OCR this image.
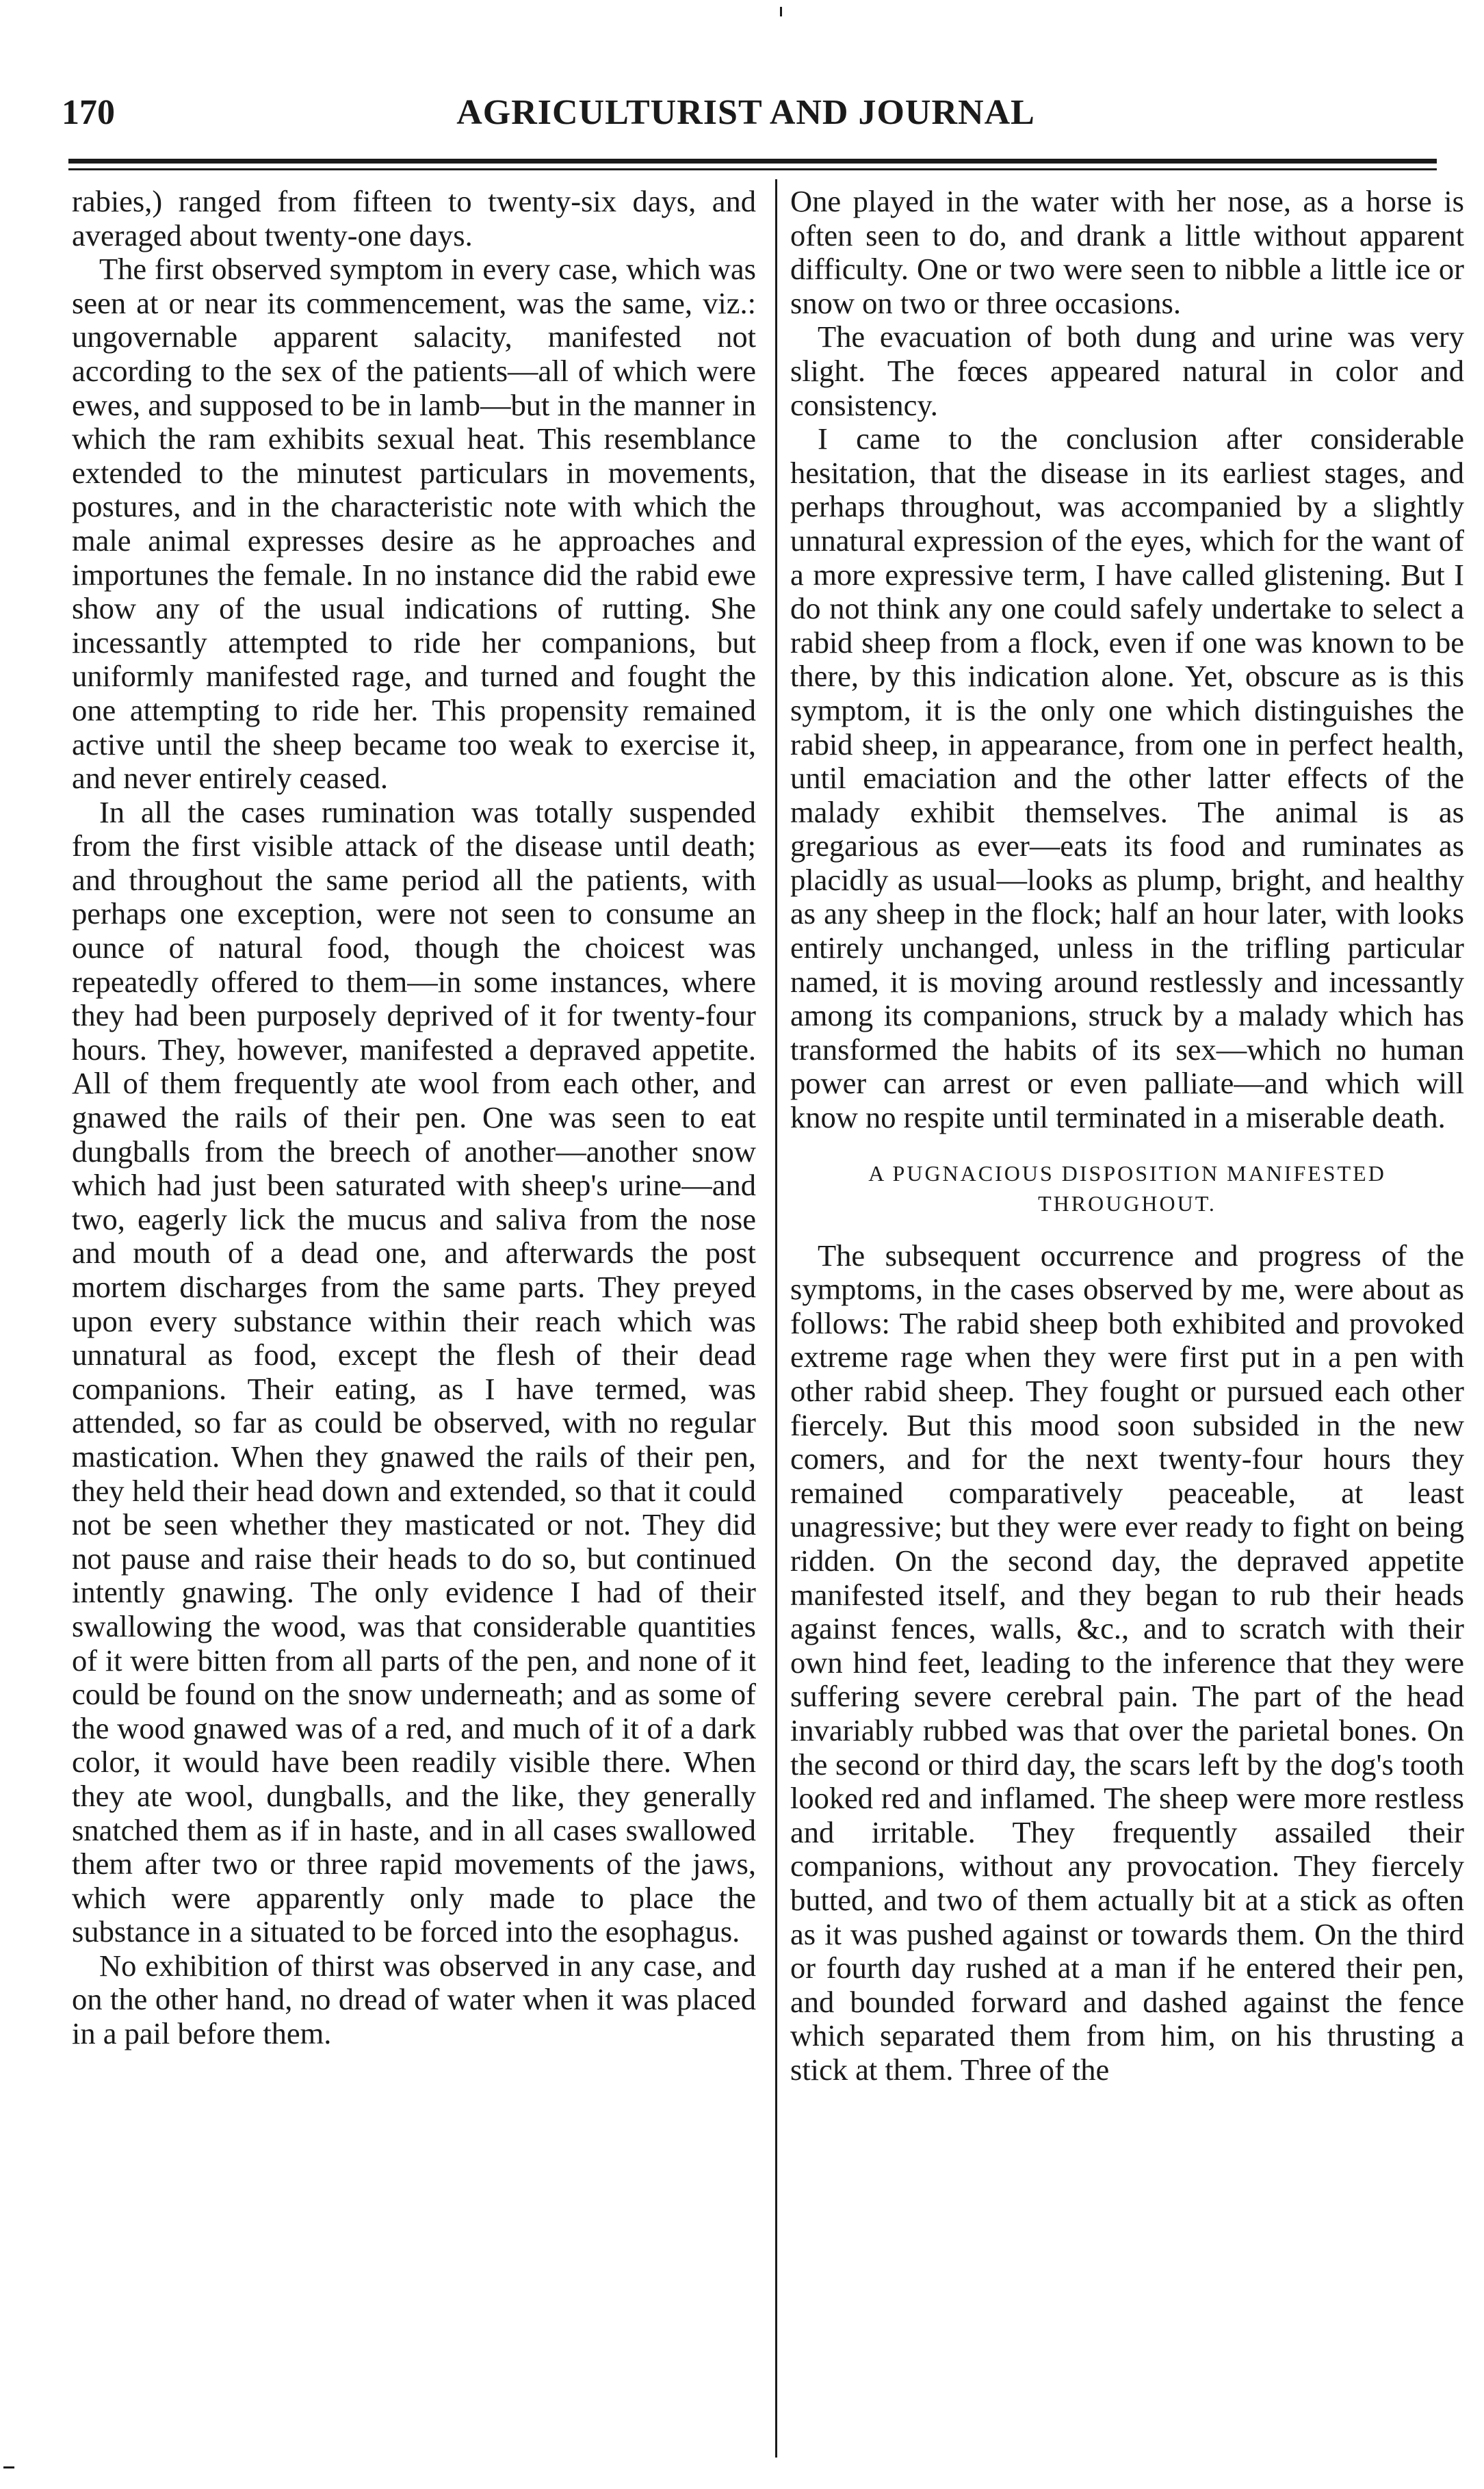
170	AGRICULTURIST AND JOURNAL

rabies,) ranged from fifteen to twenty-six days, and averaged about twenty-one days.

The first observed symptom in every case, which was seen at or near its commencement, was the same, viz.: ungovernable apparent salacity, manifested not according to the sex of the patients—all of which were ewes, and supposed to be in lamb—but in the manner in which the ram exhibits sexual heat. This resemblance extended to the minutest particulars in movements, postures, and in the characteristic note with which the male animal expresses desire as he approaches and importunes the female. In no instance did the rabid ewe show any of the usual indications of rutting. She incessantly attempted to ride her companions, but uniformly manifested rage, and turned and fought the one attempting to ride her. This propensity remained active until the sheep became too weak to exercise it, and never entirely ceased.

In all the cases rumination was totally suspended from the first visible attack of the disease until death; and throughout the same period all the patients, with perhaps one exception, were not seen to consume an ounce of natural food, though the choicest was repeatedly offered to them—in some instances, where they had been purposely deprived of it for twenty-four hours. They, however, manifested a depraved appetite. All of them frequently ate wool from each other, and gnawed the rails of their pen. One was seen to eat dungballs from the breech of another—another snow which had just been saturated with sheep's urine—and two, eagerly lick the mucus and saliva from the nose and mouth of a dead one, and afterwards the post mortem discharges from the same parts. They preyed upon every substance within their reach which was unnatural as food, except the flesh of their dead companions. Their eating, as I have termed, was attended, so far as could be observed, with no regular mastication. When they gnawed the rails of their pen, they held their head down and extended, so that it could not be seen whether they masticated or not. They did not pause and raise their heads to do so, but continued intently gnawing. The only evidence I had of their swallowing the wood, was that considerable quantities of it were bitten from all parts of the pen, and none of it could be found on the snow underneath; and as some of the wood gnawed was of a red, and much of it of a dark color, it would have been readily visible there. When they ate wool, dungballs, and the like, they generally snatched them as if in haste, and in all cases swallowed them after two or three rapid movements of the jaws, which were apparently only made to place the substance in a situated to be forced into the esophagus.

No exhibition of thirst was observed in any case, and on the other hand, no dread of water when it was placed in a pail before them.

One played in the water with her nose, as a horse is often seen to do, and drank a little without apparent difficulty. One or two were seen to nibble a little ice or snow on two or three occasions.

The evacuation of both dung and urine was very slight. The fœces appeared natural in color and consistency.

I came to the conclusion after considerable hesitation, that the disease in its earliest stages, and perhaps throughout, was accompanied by a slightly unnatural expression of the eyes, which for the want of a more expressive term, I have called glistening. But I do not think any one could safely undertake to select a rabid sheep from a flock, even if one was known to be there, by this indication alone. Yet, obscure as is this symptom, it is the only one which distinguishes the rabid sheep, in appearance, from one in perfect health, until emaciation and the other latter effects of the malady exhibit themselves. The animal is as gregarious as ever—eats its food and ruminates as placidly as usual—looks as plump, bright, and healthy as any sheep in the flock; half an hour later, with looks entirely unchanged, unless in the trifling particular named, it is moving around restlessly and incessantly among its companions, struck by a malady which has transformed the habits of its sex—which no human power can arrest or even palliate—and which will know no respite until terminated in a miserable death.

A PUGNACIOUS DISPOSITION MANIFESTED
THROUGHOUT.

The subsequent occurrence and progress of the symptoms, in the cases observed by me, were about as follows: The rabid sheep both exhibited and provoked extreme rage when they were first put in a pen with other rabid sheep. They fought or pursued each other fiercely. But this mood soon subsided in the new comers, and for the next twenty-four hours they remained comparatively peaceable, at least unagressive; but they were ever ready to fight on being ridden. On the second day, the depraved appetite manifested itself, and they began to rub their heads against fences, walls, &c., and to scratch with their own hind feet, leading to the inference that they were suffering severe cerebral pain. The part of the head invariably rubbed was that over the parietal bones. On the second or third day, the scars left by the dog's tooth looked red and inflamed. The sheep were more restless and irritable. They frequently assailed their companions, without any provocation. They fiercely butted, and two of them actually bit at a stick as often as it was pushed against or towards them. On the third or fourth day rushed at a man if he entered their pen, and bounded forward and dashed against the fence which separated them from him, on his thrusting a stick at them. Three of the
